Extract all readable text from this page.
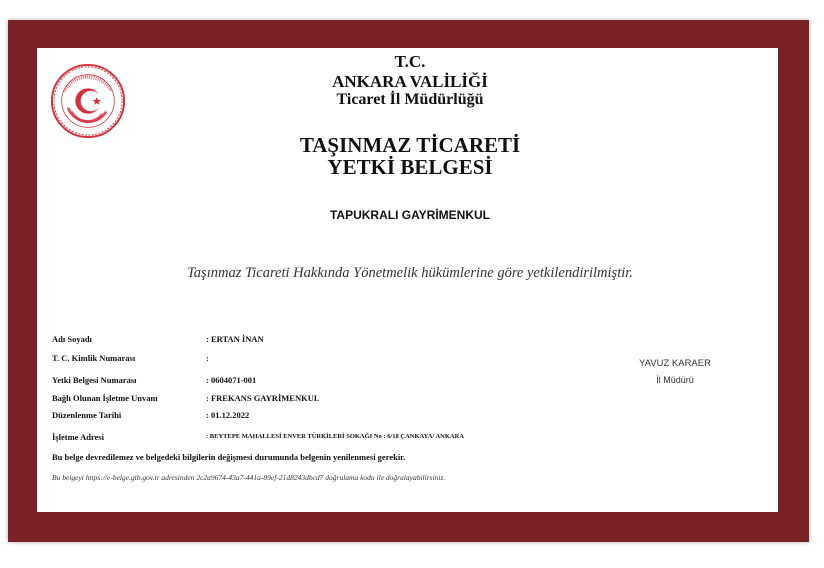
T.C.
ANKARA VALİLİĞİ
Ticaret İl Müdürlüğü
TAŞINMAZ TİCARETİ
YETKİ BELGESİ
TAPUKRALI GAYRİMENKUL
Taşınmaz Ticareti Hakkında Yönetmelik hükümlerine göre yetkilendirilmiştir.
Adı Soyadı	: ERTAN İNAN
T. C. Kimlik Numarası	:
Yetki Belgesi Numarası	: 0604071-001
Bağlı Olunan İşletme Unvanı	: FREKANS GAYRİMENKUL
Düzenlenme Tarihi	: 01.12.2022
İşletme Adresi	: BEYTEPE MAHALLESİ ENVER TÜRKİLERİ SOKAĞI No : 6/18 ÇANKAYA/ ANKARA
Bu belge devredilemez ve belgedeki bilgilerin değişmesi durumunda belgenin yenilenmesi gerekir.
Bu belgeyi https://e-belge.gtb.gov.tr adresinden 2c2a9674-43a7-441a-89ef-21d8243dbcd7 doğrulama kodu ile doğrulayabilirsiniz.
YAVUZ KARAER
İl Müdürü
